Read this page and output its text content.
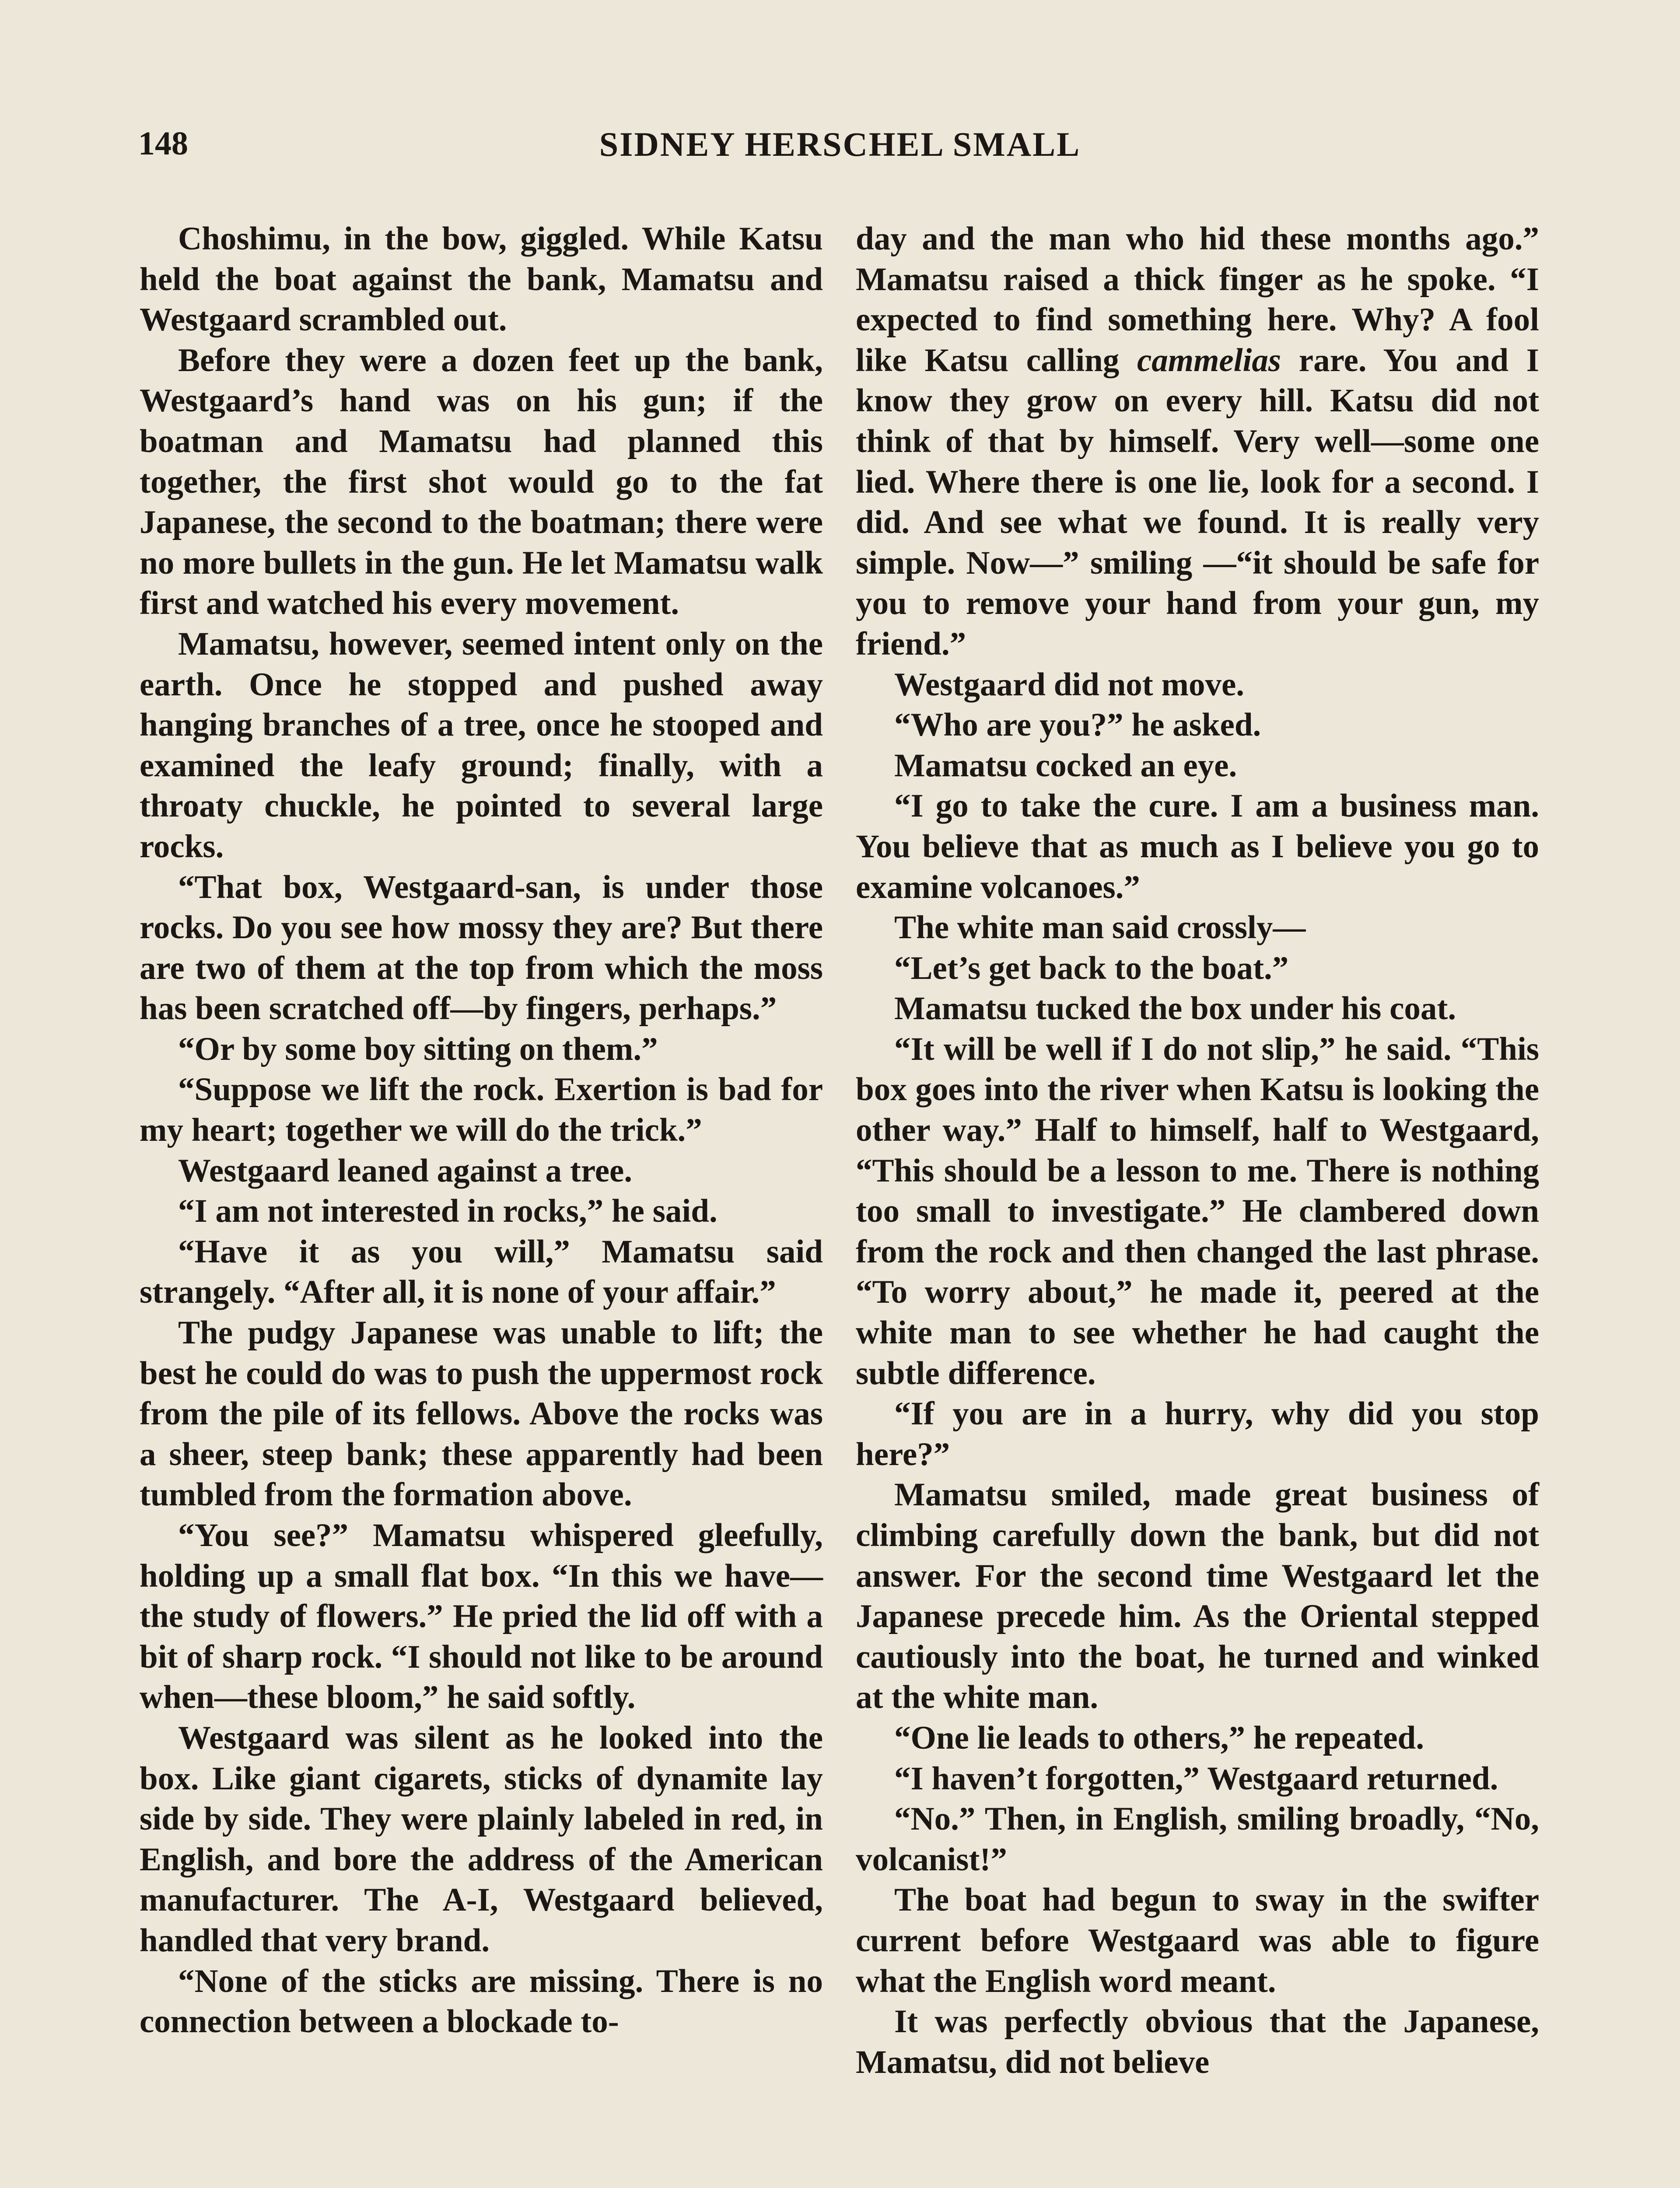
148	SIDNEY HERSCHEL SMALL

Choshimu, in the bow, giggled. While Katsu held the boat against the bank, Mamatsu and Westgaard scrambled out.

Before they were a dozen feet up the bank, Westgaard’s hand was on his gun; if the boatman and Mamatsu had planned this together, the first shot would go to the fat Japanese, the second to the boatman; there were no more bullets in the gun. He let Mamatsu walk first and watched his every movement.

Mamatsu, however, seemed intent only on the earth. Once he stopped and pushed away hanging branches of a tree, once he stooped and examined the leafy ground; finally, with a throaty chuckle, he pointed to several large rocks.

“That box, Westgaard-san, is under those rocks. Do you see how mossy they are? But there are two of them at the top from which the moss has been scratched off—by fingers, perhaps.”

“Or by some boy sitting on them.”

“Suppose we lift the rock. Exertion is bad for my heart; together we will do the trick.”

Westgaard leaned against a tree.

“I am not interested in rocks,” he said.

“Have it as you will,” Mamatsu said strangely. “After all, it is none of your affair.”

The pudgy Japanese was unable to lift; the best he could do was to push the uppermost rock from the pile of its fellows. Above the rocks was a sheer, steep bank; these apparently had been tumbled from the formation above.

“You see?” Mamatsu whispered gleefully, holding up a small flat box. “In this we have—the study of flowers.” He pried the lid off with a bit of sharp rock. “I should not like to be around when—these bloom,” he said softly.

Westgaard was silent as he looked into the box. Like giant cigarets, sticks of dynamite lay side by side. They were plainly labeled in red, in English, and bore the address of the American manufacturer. The A-I, Westgaard believed, handled that very brand.

“None of the sticks are missing. There is no connection between a blockade to-

day and the man who hid these months ago.” Mamatsu raised a thick finger as he spoke. “I expected to find something here. Why? A fool like Katsu calling cammelias rare. You and I know they grow on every hill. Katsu did not think of that by himself. Very well—some one lied. Where there is one lie, look for a second. I did. And see what we found. It is really very simple. Now—” smiling —“it should be safe for you to remove your hand from your gun, my friend.”

Westgaard did not move.

“Who are you?” he asked.

Mamatsu cocked an eye.

“I go to take the cure. I am a business man. You believe that as much as I believe you go to examine volcanoes.”

The white man said crossly—

“Let’s get back to the boat.”

Mamatsu tucked the box under his coat.

“It will be well if I do not slip,” he said. “This box goes into the river when Katsu is looking the other way.” Half to himself, half to Westgaard, “This should be a lesson to me. There is nothing too small to investigate.” He clambered down from the rock and then changed the last phrase. “To worry about,” he made it, peered at the white man to see whether he had caught the subtle difference.

“If you are in a hurry, why did you stop here?”

Mamatsu smiled, made great business of climbing carefully down the bank, but did not answer. For the second time Westgaard let the Japanese precede him. As the Oriental stepped cautiously into the boat, he turned and winked at the white man.

“One lie leads to others,” he repeated.

“I haven’t forgotten,” Westgaard returned.

“No.” Then, in English, smiling broadly, “No, volcanist!”

The boat had begun to sway in the swifter current before Westgaard was able to figure what the English word meant.

It was perfectly obvious that the Japanese, Mamatsu, did not believe
